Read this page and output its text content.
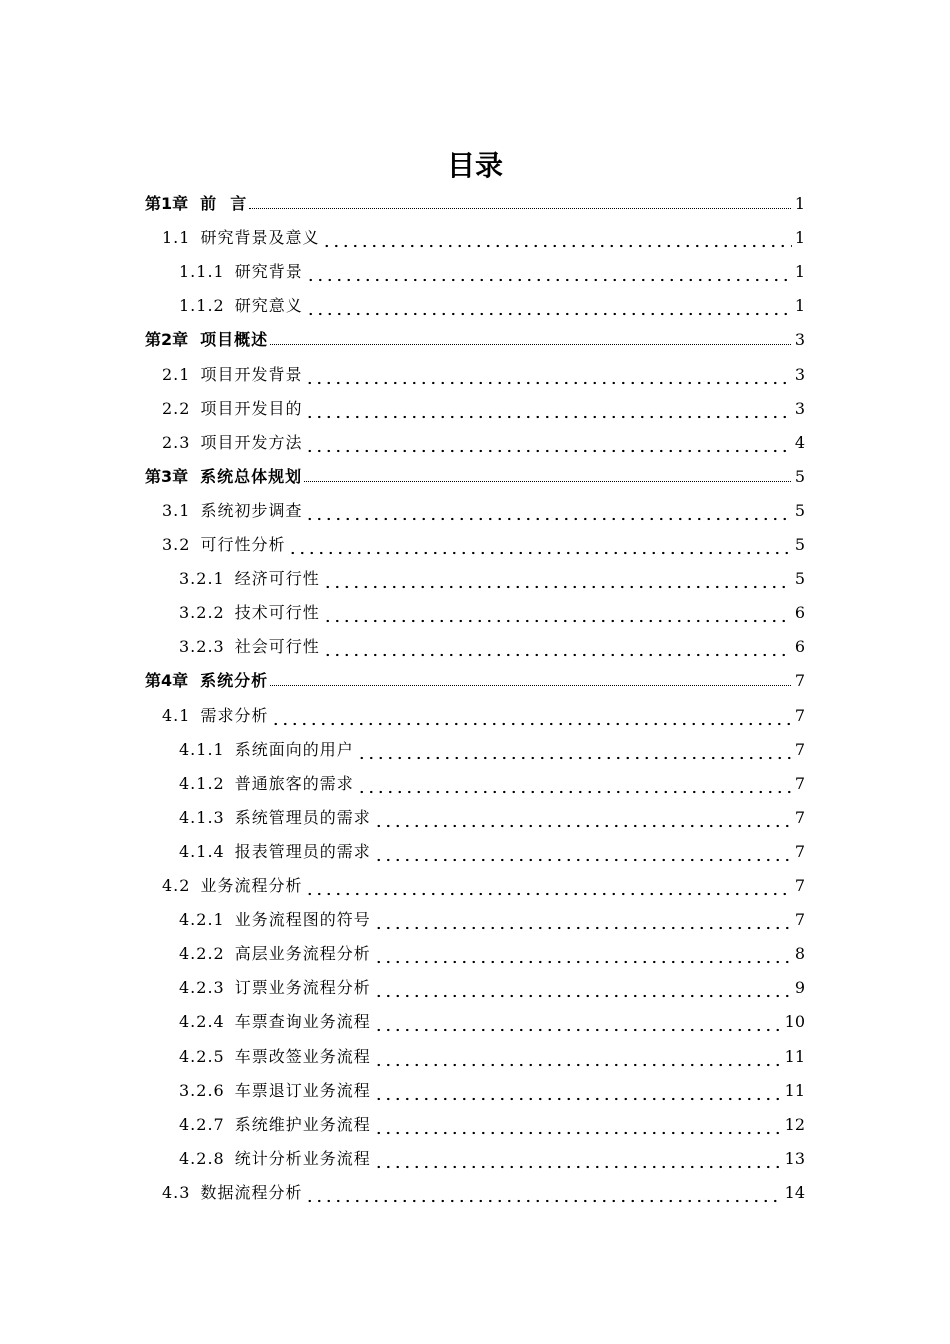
目录
第1章 前  言	1
1.1 研究背景及意义	1
1.1.1 研究背景	1
1.1.2 研究意义	1
第2章 项目概述	3
2.1 项目开发背景	3
2.2 项目开发目的	3
2.3 项目开发方法	4
第3章 系统总体规划	5
3.1 系统初步调查	5
3.2 可行性分析	5
3.2.1 经济可行性	5
3.2.2 技术可行性	6
3.2.3 社会可行性	6
第4章 系统分析	7
4.1 需求分析	7
4.1.1 系统面向的用户	7
4.1.2 普通旅客的需求	7
4.1.3 系统管理员的需求	7
4.1.4 报表管理员的需求	7
4.2 业务流程分析	7
4.2.1 业务流程图的符号	7
4.2.2 高层业务流程分析	8
4.2.3 订票业务流程分析	9
4.2.4 车票查询业务流程	10
4.2.5 车票改签业务流程	11
3.2.6 车票退订业务流程	11
4.2.7 系统维护业务流程	12
4.2.8 统计分析业务流程	13
4.3 数据流程分析	14
